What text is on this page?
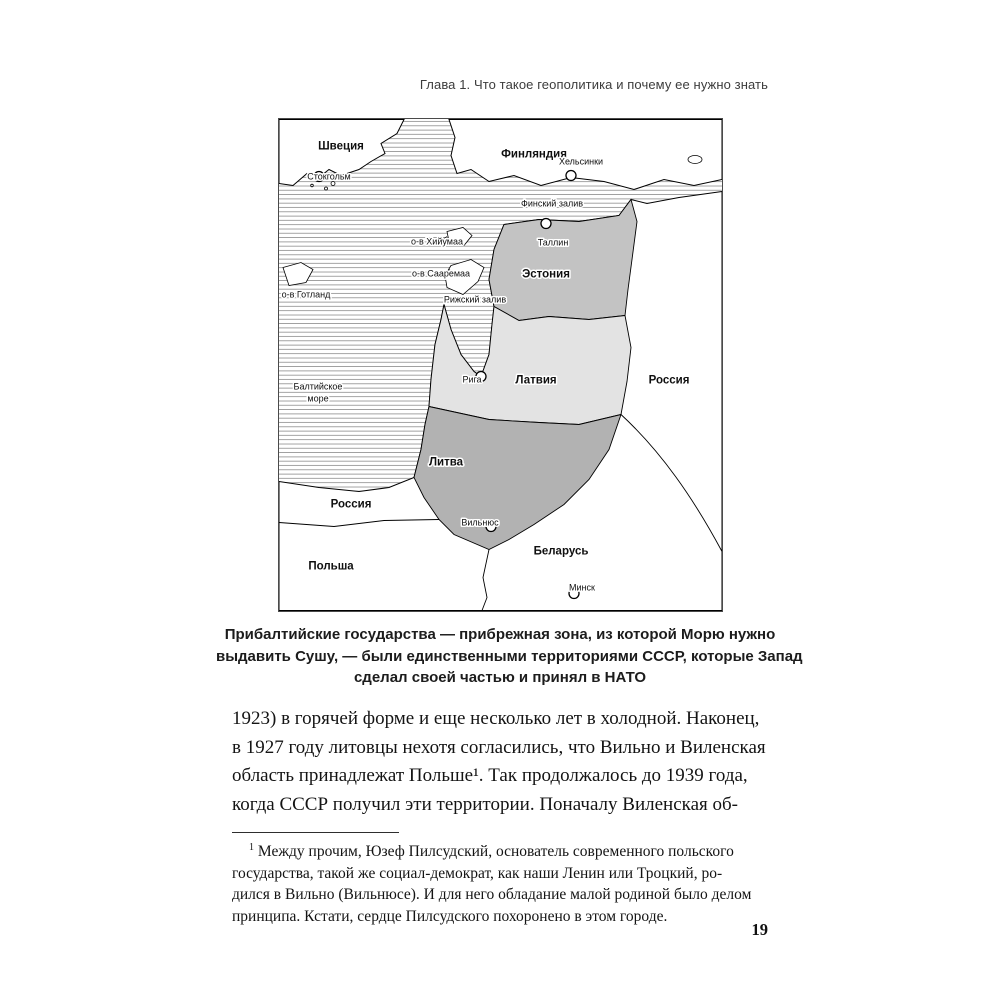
Глава 1. Что такое геополитика и почему ее нужно знать
Финский залив
Рижский залив
Балтийское
море
о-в Хийумаа
о-в Сааремаа
о-в Готланд
Швеция
Финляндия
Эстония
Латвия	Россия
Литва
Россия
Польша
Беларусь
Стокгольм
Хельсинки
Таллин
Рига
Вильнюс
Минск
Прибалтийские государства — прибрежная зона, из которой Морю нужно
выдавить Сушу, — были единственными территориями СССР, которые Запад
сделал своей частью и принял в НАТО
1923) в горячей форме и еще несколько лет в холодной. Наконец,
в 1927 году литовцы нехотя согласились, что Вильно и Виленская
область принадлежат Польше¹. Так продолжалось до 1939 года,
когда СССР получил эти территории. Поначалу Виленская об-
$^1$ Между прочим, Юзеф Пилсудский, основатель современного польского
государства, такой же социал-демократ, как наши Ленин или Троцкий, ро-
дился в Вильно (Вильнюсе). И для него обладание малой родиной было делом
принципа. Кстати, сердце Пилсудского похоронено в этом городе.
19
